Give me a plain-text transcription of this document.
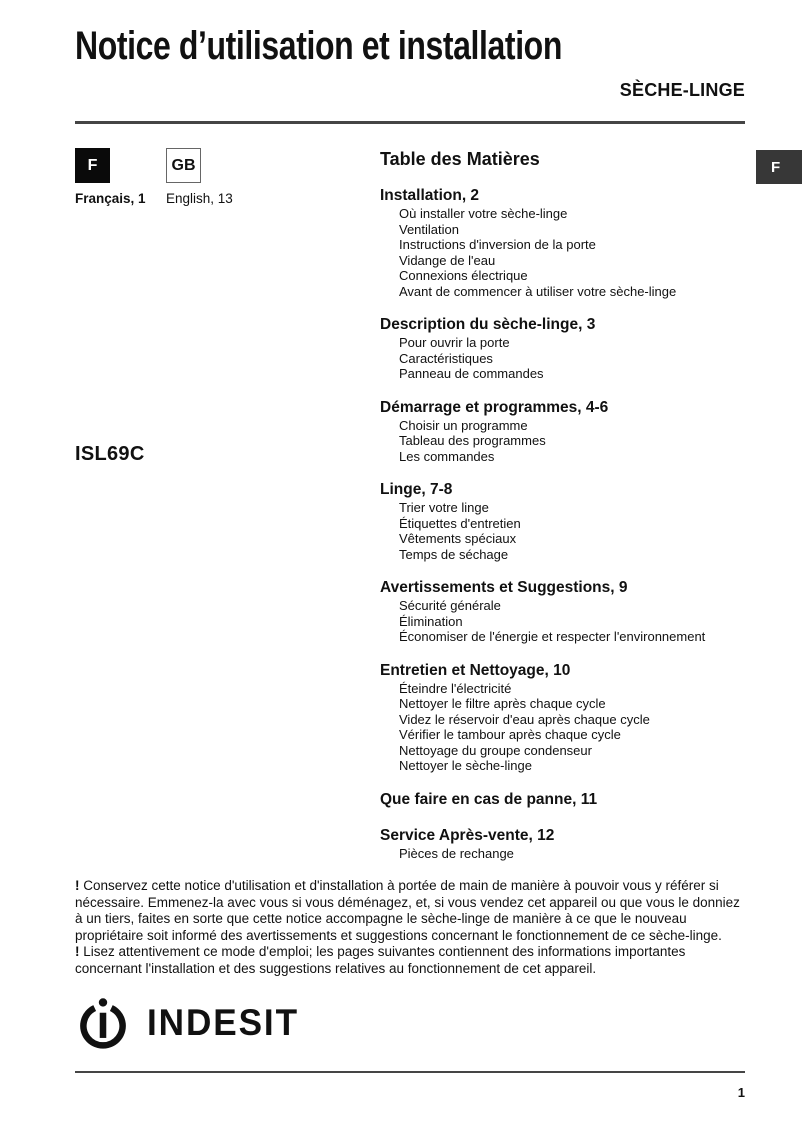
F
Notice d’utilisation et installation
SÈCHE-LINGE
F
Français, 1
GB
English, 13
ISL69C
Table des Matières
Installation, 2
Où installer votre sèche-linge
Ventilation
Instructions d'inversion de la porte
Vidange de l'eau
Connexions électrique
Avant de commencer à utiliser votre sèche-linge
Description du sèche-linge, 3
Pour ouvrir la porte
Caractéristiques
Panneau de commandes
Démarrage et programmes, 4-6
Choisir un programme
Tableau des programmes
Les commandes
Linge, 7-8
Trier votre linge
Étiquettes d'entretien
Vêtements spéciaux
Temps de séchage
Avertissements et Suggestions, 9
Sécurité générale
Élimination
Économiser de l'énergie et respecter l'environnement
Entretien et Nettoyage, 10
Éteindre l'électricité
Nettoyer le filtre après chaque cycle
Videz le réservoir d'eau après chaque cycle
Vérifier le tambour après chaque cycle
Nettoyage du groupe condenseur
Nettoyer le sèche-linge
Que faire en cas de panne, 11
Service Après-vente, 12
Pièces de rechange

! Conservez cette notice d'utilisation et d'installation à portée de main de manière à pouvoir vous y référer si nécessaire. Emmenez-la avec vous si vous déménagez, et, si vous vendez cet appareil ou que vous le donniez à un tiers, faites en sorte que cette notice accompagne le sèche-linge de manière à ce que le nouveau propriétaire soit informé des avertissements et suggestions concernant le fonctionnement de ce sèche-linge.

! Lisez attentivement ce mode d'emploi; les pages suivantes contiennent des informations importantes concernant l'installation et des suggestions relatives au fonctionnement de cet appareil.

INDESIT
1
